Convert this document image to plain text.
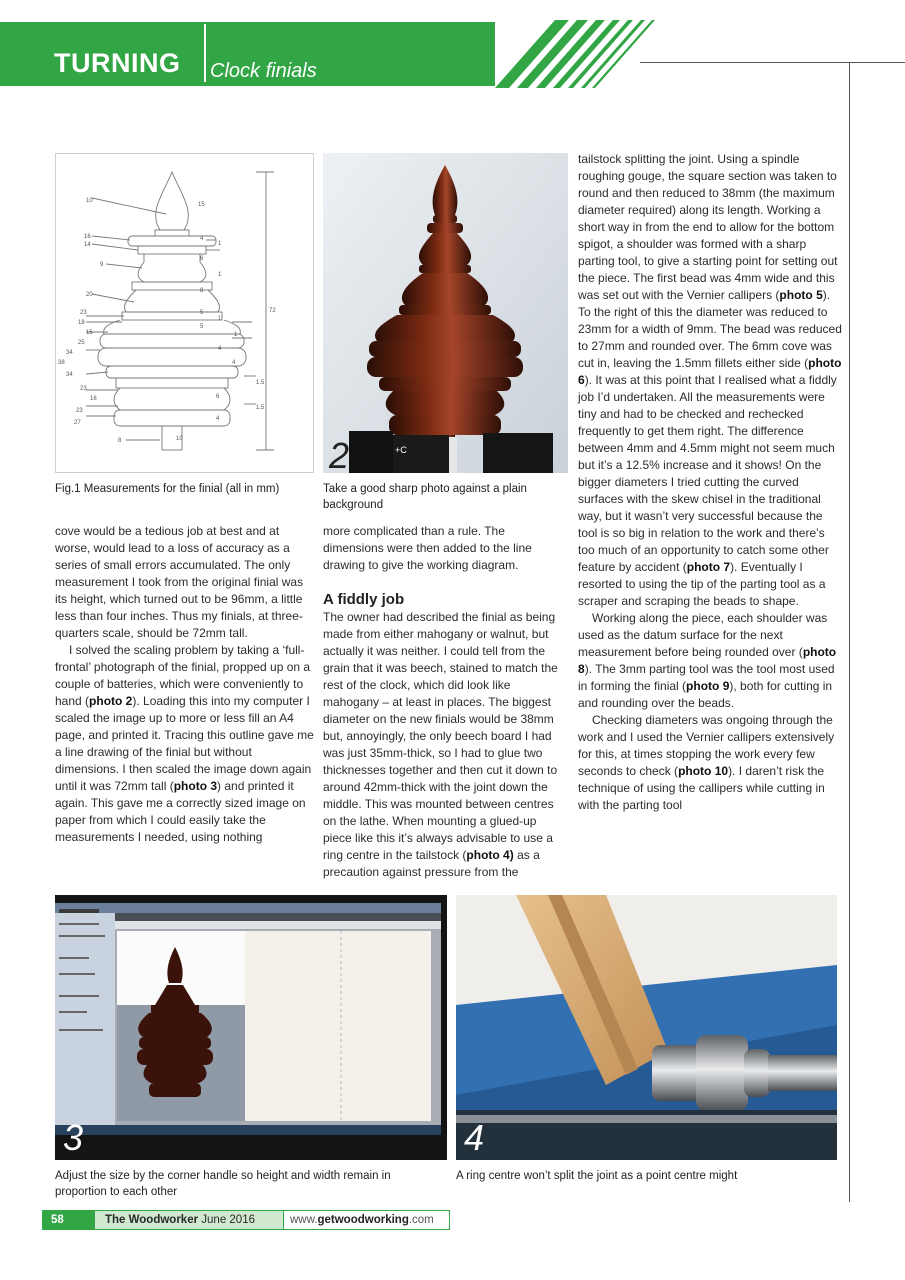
TURNING Clock finials
10
15
16
14
9
4
1
6
1
20
8
72
23
18
15
5
1
5
1
25
34
38
34
4
4
23
16
23
27
1.5
6
1.5
4
8	10
Fig.1 Measurements for the finial (all in mm)
+C
2
Take a good sharp photo against a plain background

tailstock splitting the joint. Using a spindle roughing gouge, the square section was taken to round and then reduced to 38mm (the maximum diameter required) along its length. Working a short way in from the end to allow for the bottom spigot, a shoulder was formed with a sharp parting tool, to give a starting point for setting out the piece. The first bead was 4mm wide and this was set out with the Vernier callipers (photo 5). To the right of this the diameter was reduced to 23mm for a width of 9mm. The bead was reduced to 27mm and rounded over. The 6mm cove was cut in, leaving the 1.5mm fillets either side (photo 6). It was at this point that I realised what a fiddly job I’d undertaken. All the measurements were tiny and had to be checked and rechecked frequently to get them right. The difference between 4mm and 4.5mm might not seem much but it’s a 12.5% increase and it shows! On the bigger diameters I tried cutting the curved surfaces with the skew chisel in the traditional way, but it wasn’t very successful because the tool is so big in relation to the work and there’s too much of an opportunity to catch some other feature by accident (photo 7). Eventually I resorted to using the tip of the parting tool as a scraper and scraping the beads to shape.

Working along the piece, each shoulder was used as the datum surface for the next measurement before being rounded over (photo 8). The 3mm parting tool was the tool most used in forming the finial (photo 9), both for cutting in and rounding over the beads.

Checking diameters was ongoing through the work and I used the Vernier callipers extensively for this, at times stopping the work every few seconds to check (photo 10). I daren’t risk the technique of using the callipers while cutting in with the parting tool

cove would be a tedious job at best and at worse, would lead to a loss of accuracy as a series of small errors accumulated. The only measurement I took from the original finial was its height, which turned out to be 96mm, a little less than four inches. Thus my finials, at three-quarters scale, should be 72mm tall.

I solved the scaling problem by taking a ‘full-frontal’ photograph of the finial, propped up on a couple of batteries, which were conveniently to hand (photo 2). Loading this into my computer I scaled the image up to more or less fill an A4 page, and printed it. Tracing this outline gave me a line drawing of the finial but without dimensions. I then scaled the image down again until it was 72mm tall (photo 3) and printed it again. This gave me a correctly sized image on paper from which I could easily take the measurements I needed, using nothing

more complicated than a rule. The dimensions were then added to the line drawing to give the working diagram.

A fiddly job

The owner had described the finial as being made from either mahogany or walnut, but actually it was neither. I could tell from the grain that it was beech, stained to match the rest of the clock, which did look like mahogany – at least in places. The biggest diameter on the new finials would be 38mm but, annoyingly, the only beech board I had was just 35mm-thick, so I had to glue two thicknesses together and then cut it down to around 42mm-thick with the joint down the middle. This was mounted between centres on the lathe. When mounting a glued-up piece like this it’s always advisable to use a ring centre in the tailstock (photo 4) as a precaution against pressure from the

3
Adjust the size by the corner handle so height and width remain in proportion to each other
4
A ring centre won’t split the joint as a point centre might
58	The Woodworker June 2016	www.getwoodworking.com
